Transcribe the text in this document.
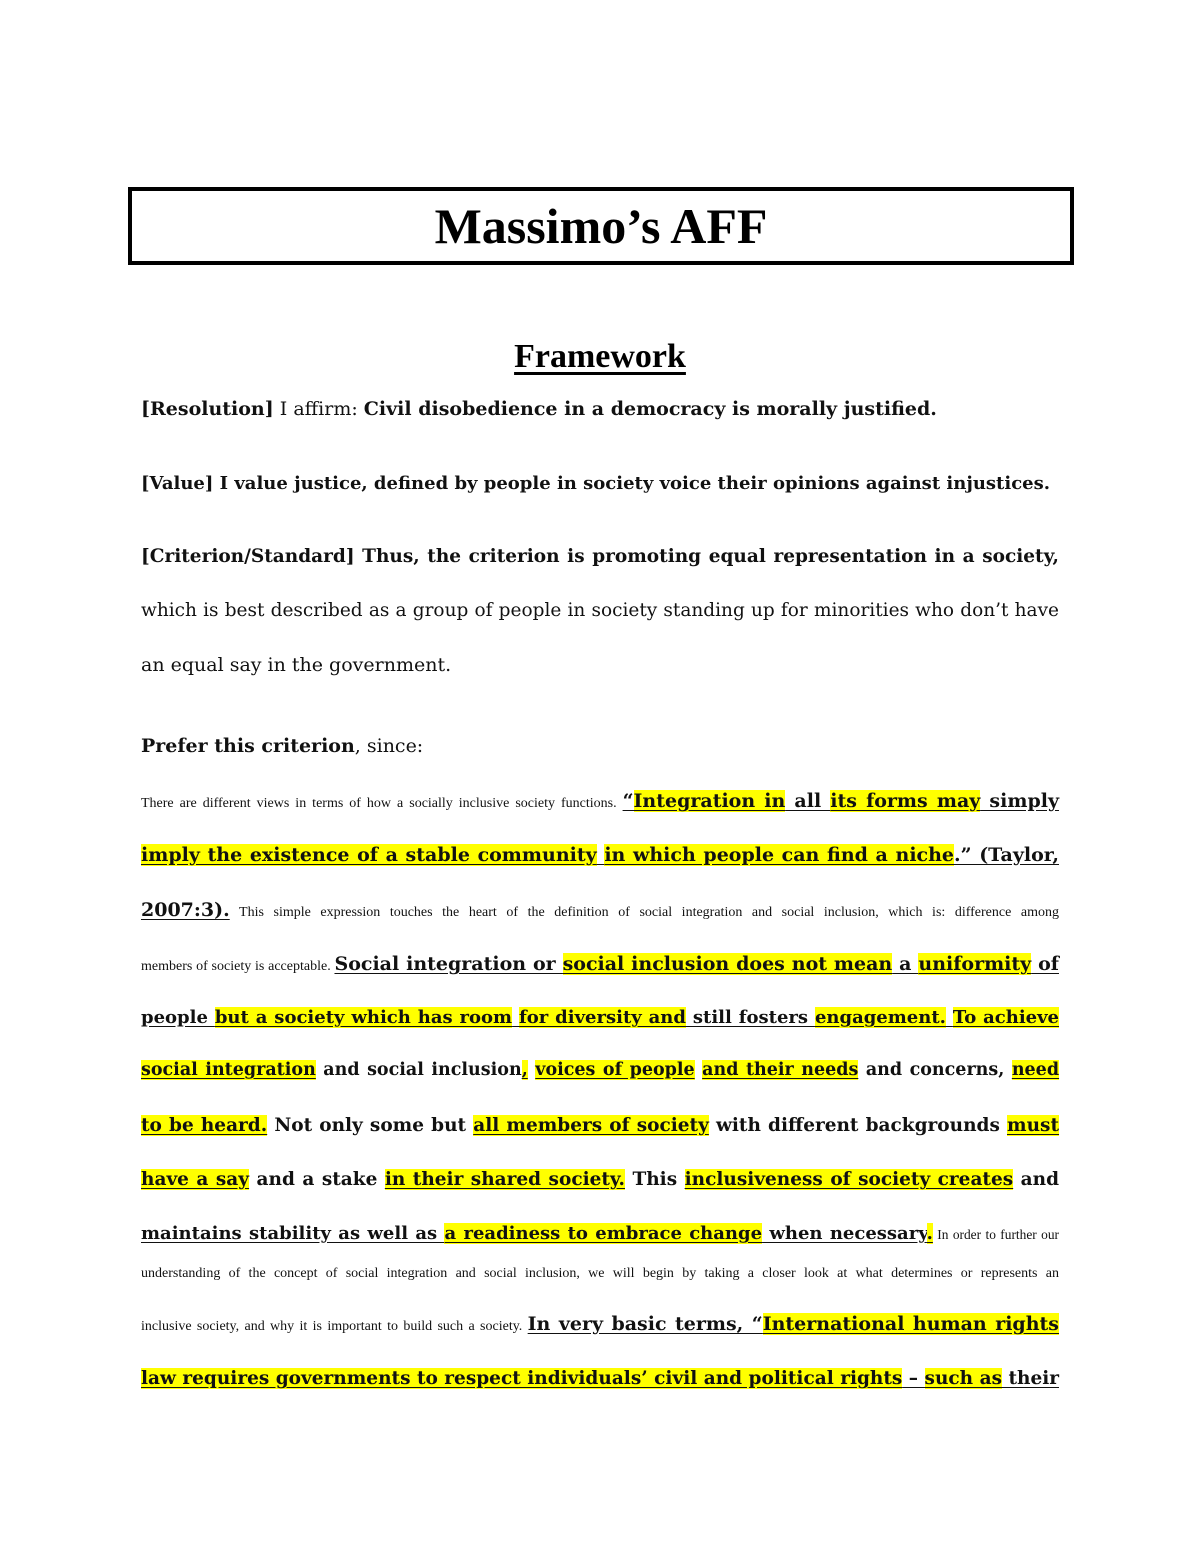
Massimo’s AFF
Framework
[Resolution] I affirm: Civil disobedience in a democracy is morally justified.
[Value] I value justice, defined by people in society voice their opinions against injustices.
[Criterion/Standard] Thus, the criterion is promoting equal representation in a society,
which is best described as a group of people in society standing up for minorities who don’t have
an equal say in the government.
Prefer this criterion, since:
There are different views in terms of how a socially inclusive society functions. “Integration in all its forms may simply
imply the existence of a stable community in which people can find a niche.” (Taylor,
2007:3). This simple expression touches the heart of the definition of social integration and social inclusion, which is: difference among
members of society is acceptable. Social integration or social inclusion does not mean a uniformity of
people but a society which has room for diversity and still fosters engagement. To achieve
social integration and social inclusion, voices of people and their needs and concerns, need
to be heard. Not only some but all members of society with different backgrounds must
have a say and a stake in their shared society. This inclusiveness of society creates and
maintains stability as well as a readiness to embrace change when necessary. In order to further our
understanding of the concept of social integration and social inclusion, we will begin by taking a closer look at what determines or represents an
inclusive society, and why it is important to build such a society. In very basic terms, “International human rights
law requires governments to respect individuals’ civil and political rights – such as their
